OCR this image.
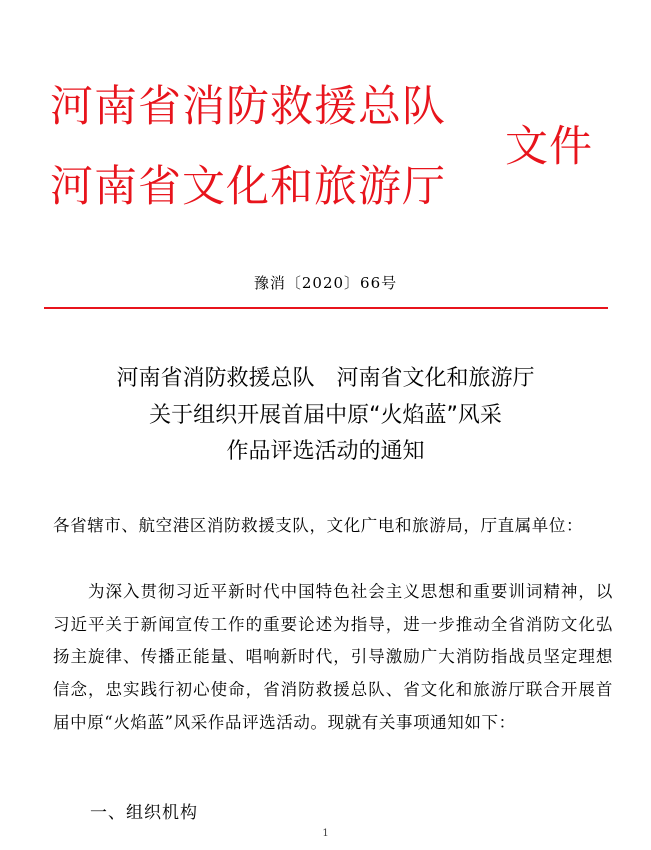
河南省消防救援总队
河南省文化和旅游厅
文件
豫消〔2020〕66号
河南省消防救援总队　河南省文化和旅游厅
关于组织开展首届中原“火焰蓝”风采
作品评选活动的通知
各省辖市、航空港区消防救援支队，文化广电和旅游局，厅直属单位：
为深入贯彻习近平新时代中国特色社会主义思想和重要训词精神，以习近平关于新闻宣传工作的重要论述为指导，进一步推动全省消防文化弘扬主旋律、传播正能量、唱响新时代，引导激励广大消防指战员坚定理想信念，忠实践行初心使命，省消防救援总队、省文化和旅游厅联合开展首届中原“火焰蓝”风采作品评选活动。现就有关事项通知如下：
一、组织机构
1
